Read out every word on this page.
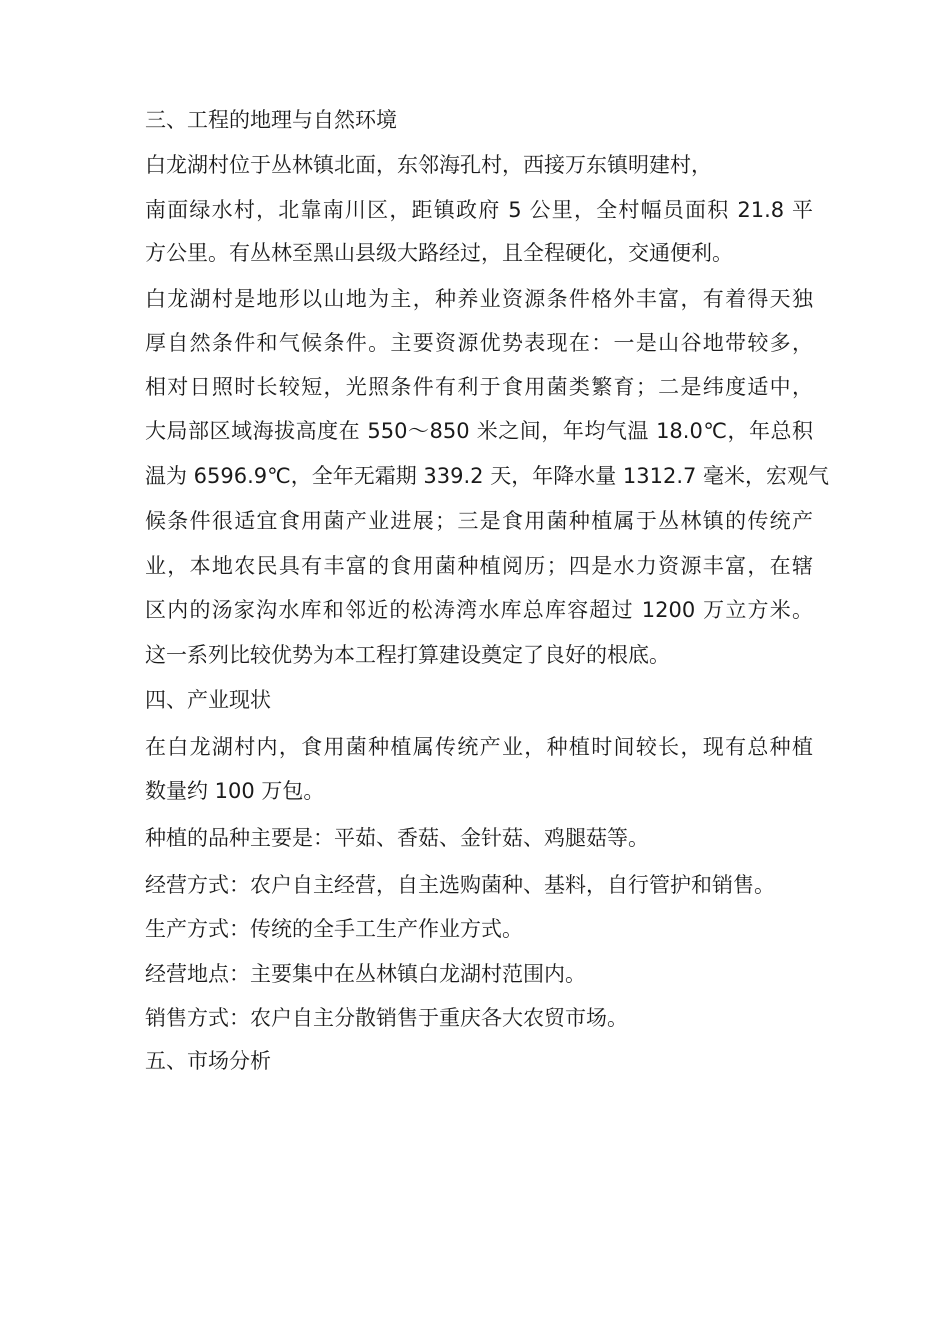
三、工程的地理与自然环境
白龙湖村位于丛林镇北面，东邻海孔村，西接万东镇明建村，
南面绿水村，北靠南川区，距镇政府 5 公里，全村幅员面积 21.8 平
方公里。有丛林至黑山县级大路经过，且全程硬化，交通便利。
白龙湖村是地形以山地为主，种养业资源条件格外丰富，有着得天独
厚自然条件和气候条件。主要资源优势表现在：一是山谷地带较多，
相对日照时长较短，光照条件有利于食用菌类繁育；二是纬度适中，
大局部区域海拔高度在 550～850 米之间，年均气温 18.0℃，年总积
温为 6596.9℃，全年无霜期 339.2 天，年降水量 1312.7 毫米，宏观气
候条件很适宜食用菌产业进展；三是食用菌种植属于丛林镇的传统产
业，本地农民具有丰富的食用菌种植阅历；四是水力资源丰富，在辖
区内的汤家沟水库和邻近的松涛湾水库总库容超过 1200 万立方米。
这一系列比较优势为本工程打算建设奠定了良好的根底。
四、产业现状
在白龙湖村内，食用菌种植属传统产业，种植时间较长，现有总种植
数量约 100 万包。
种植的品种主要是：平茹、香菇、金针菇、鸡腿菇等。
经营方式：农户自主经营，自主选购菌种、基料，自行管护和销售。
生产方式：传统的全手工生产作业方式。
经营地点：主要集中在丛林镇白龙湖村范围内。
销售方式：农户自主分散销售于重庆各大农贸市场。
五、市场分析
